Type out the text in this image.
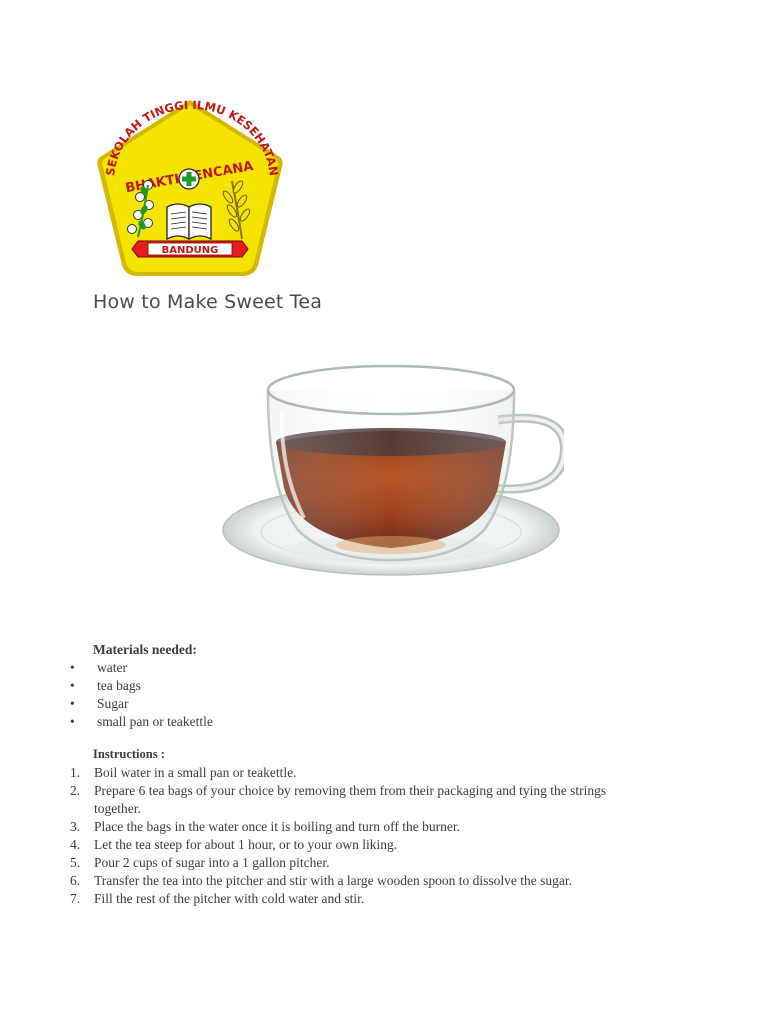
SEKOLAH TINGGI ILMU KESEHATAN
KENCANA
BANDUNG
How to Make Sweet Tea
Materials needed:
• water
• tea bags
• Sugar
• small pan or teakettle
Instructions :
1. Boil water in a small pan or teakettle.
2. Prepare 6 tea bags of your choice by removing them from their packaging and tying the strings together.
3. Place the bags in the water once it is boiling and turn off the burner.
4. Let the tea steep for about 1 hour, or to your own liking.
5. Pour 2 cups of sugar into a 1 gallon pitcher.
6. Transfer the tea into the pitcher and stir with a large wooden spoon to dissolve the sugar.
7. Fill the rest of the pitcher with cold water and stir.
